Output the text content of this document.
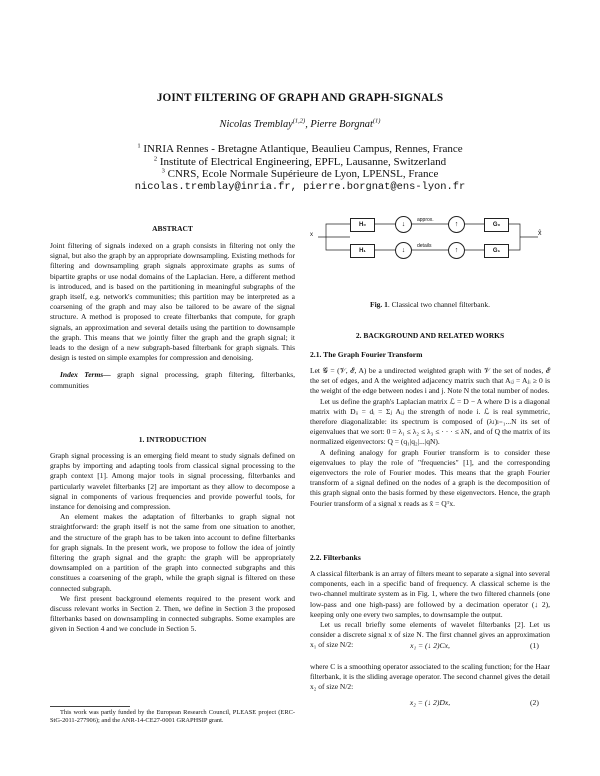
JOINT FILTERING OF GRAPH AND GRAPH-SIGNALS
Nicolas Tremblay$^{(1,2)}$, Pierre Borgnat$^{(1)}$
$^1$ INRIA Rennes - Bretagne Atlantique, Beaulieu Campus, Rennes, France
$^2$ Institute of Electrical Engineering, EPFL, Lausanne, Switzerland
$^3$ CNRS, Ecole Normale Supérieure de Lyon, LPENSL, France
nicolas.tremblay@inria.fr, pierre.borgnat@ens-lyon.fr
ABSTRACT

Joint filtering of signals indexed on a graph consists in filtering not only the signal, but also the graph by an appropriate downsampling. Existing methods for filtering and downsampling graph signals approximate graphs as sums of bipartite graphs or use nodal domains of the Laplacian. Here, a different method is introduced, and is based on the partitioning in meaningful subgraphs of the graph itself, e.g. network's communities; this partition may be interpreted as a coarsening of the graph and may also be tailored to be aware of the signal structure. A method is proposed to create filterbanks that compute, for graph signals, an approximation and several details using the partition to downsample the graph. This means that we jointly filter the graph and the graph signal; it leads to the design of a new subgraph-based filterbank for graph signals. This design is tested on simple examples for compression and denoising.

Index Terms— graph signal processing, graph filtering, filterbanks, communities

1. INTRODUCTION

Graph signal processing is an emerging field meant to study signals defined on graphs by importing and adapting tools from classical signal processing to the graph context [1]. Among major tools in signal processing, filterbanks and particularly wavelet filterbanks [2] are important as they allow to decompose a signal in components of various frequencies and provide powerful tools, for instance for denoising and compression.

An element makes the adaptation of filterbanks to graph signal not straightforward: the graph itself is not the same from one situation to another, and the structure of the graph has to be taken into account to define filterbanks for graph signals. In the present work, we propose to follow the idea of jointly filtering the graph signal and the graph: the graph will be appropriately downsampled on a partition of the graph into connected subgraphs and this constitues a coarsening of the graph, while the graph signal is filtered on these connected subgraph.

We first present background elements required to the present work and discuss relevant works in Section 2. Then, we define in Section 3 the proposed filterbanks based on downsampling in connected subgraphs. Some examples are given in Section 4 and we conclude in Section 5.

This work was partly funded by the European Research Council, PLEASE project (ERC-StG-2011-277906); and the ANR-14-CE27-0001 GRAPHSIP grant.
x	x̂
H₀
H₁
↓
↓
approx.
details
↑
↑
G₀
G₁
Fig. 1. Classical two channel filterbank.
2. BACKGROUND AND RELATED WORKS
2.1. The Graph Fourier Transform

Let 𝒢 = (𝒱, ℰ, A) be a undirected weighted graph with 𝒱 the set of nodes, ℰ the set of edges, and A the weighted adjacency matrix such that Aᵢⱼ = Aⱼᵢ ≥ 0 is the weight of the edge between nodes i and j. Note N the total number of nodes.

Let us define the graph's Laplacian matrix ℒ = D − A where D is a diagonal matrix with Dᵢᵢ = dᵢ = Σⱼ Aᵢⱼ the strength of node i. ℒ is real symmetric, therefore diagonalizable: its spectrum is composed of (λₗ)ₗ₌₁...N its set of eigenvalues that we sort: 0 = λ₁ ≤ λ₂ ≤ λ₃ ≤ · · · ≤ λN, and of Q the matrix of its normalized eigenvectors: Q = (q₁|q₂|...|qN).

A defining analogy for graph Fourier transform is to consider these eigenvalues to play the role of "frequencies" [1], and the corresponding eigenvectors the role of Fourier modes. This means that the graph Fourier transform of a signal defined on the nodes of a graph is the decomposition of this graph signal onto the basis formed by these eigenvectors. Hence, the graph Fourier transform of a signal x reads as x̂ = Qᵀx.

2.2. Filterbanks

A classical filterbank is an array of filters meant to separate a signal into several components, each in a specific band of frequency. A classical scheme is the two-channel multirate system as in Fig. 1, where the two filtered channels (one low-pass and one high-pass) are followed by a decimation operator (↓ 2), keeping only one every two samples, to downsample the output.

Let us recall briefly some elements of wavelet filterbanks [2]. Let us consider a discrete signal x of size N. The first channel gives an approximation x₁ of size N/2:	x₁ = (↓ 2)Cx,	(1)
where C is a smoothing operator associated to the scaling function; for the Haar filterbank, it is the sliding average operator. The second channel gives the detail x₂ of size N/2:
x₂ = (↓ 2)Dx,	(2)
